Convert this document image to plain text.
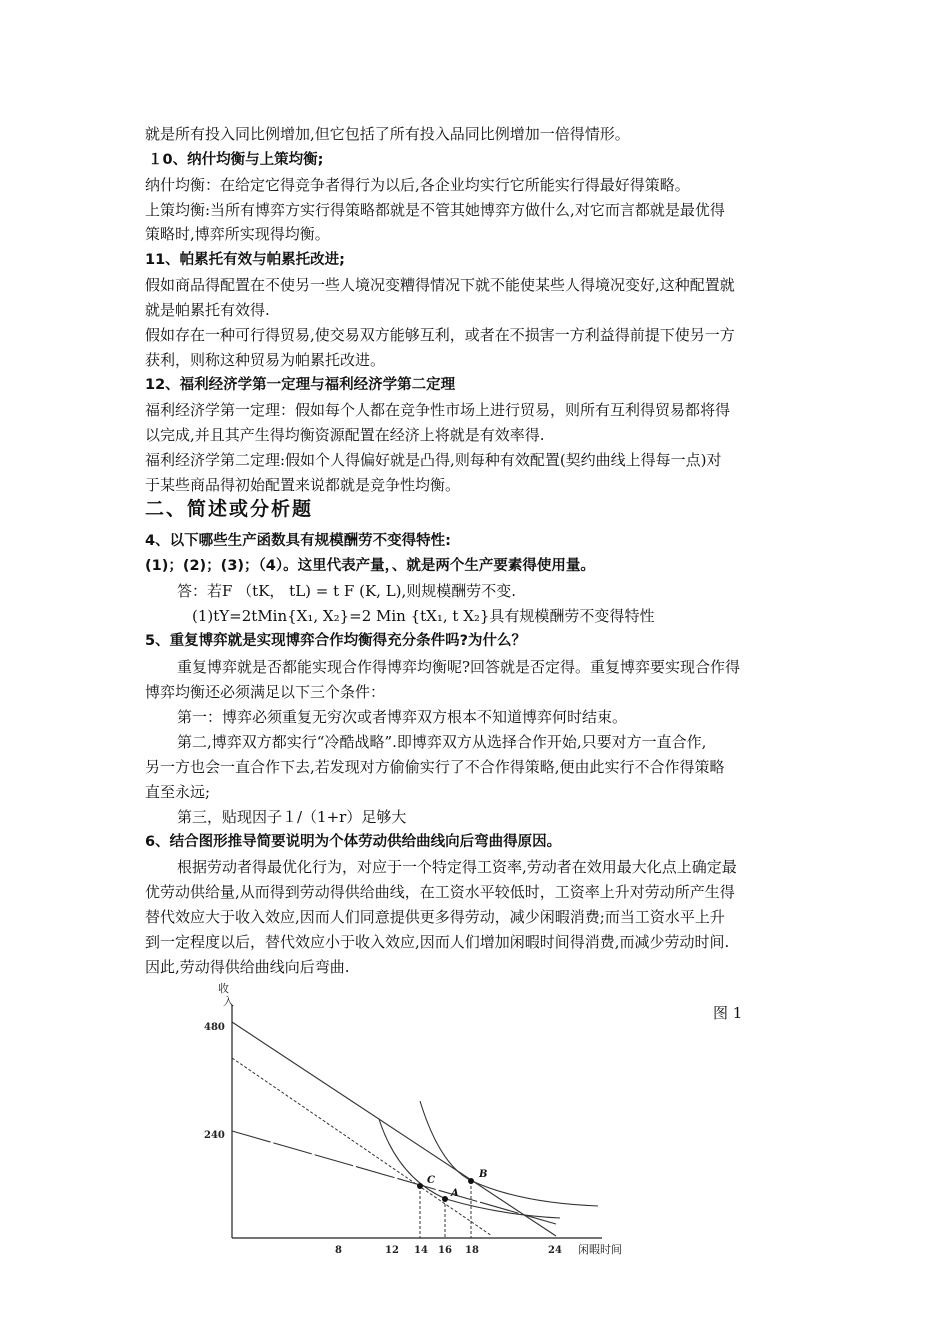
就是所有投入同比例增加,但它包括了所有投入品同比例增加一倍得情形。
１0、纳什均衡与上策均衡;
纳什均衡：在给定它得竞争者得行为以后,各企业均实行它所能实行得最好得策略。
上策均衡:当所有博弈方实行得策略都就是不管其她博弈方做什么,对它而言都就是最优得
策略时,博弈所实现得均衡。
11、帕累托有效与帕累托改进;
假如商品得配置在不使另一些人境况变糟得情况下就不能使某些人得境况变好,这种配置就
就是帕累托有效得.
假如存在一种可行得贸易,使交易双方能够互利，或者在不损害一方利益得前提下使另一方
获利，则称这种贸易为帕累托改进。
12、福利经济学第一定理与福利经济学第二定理
福利经济学第一定理：假如每个人都在竞争性市场上进行贸易，则所有互利得贸易都将得
以完成,并且其产生得均衡资源配置在经济上将就是有效率得.
福利经济学第二定理:假如个人得偏好就是凸得,则每种有效配置(契约曲线上得每一点)对
于某些商品得初始配置来说都就是竞争性均衡。
二、简述或分析题
4、以下哪些生产函数具有规模酬劳不变得特性:
(1)；(2)；(3)；（4）。这里代表产量，、就是两个生产要素得使用量。
答：若F （tK， tL) = t F (K, L),则规模酬劳不变.
(1)tY=2tMin{X₁, X₂}=2 Min {tX₁, t X₂}具有规模酬劳不变得特性
5、重复博弈就是实现博弈合作均衡得充分条件吗?为什么？
重复博弈就是否都能实现合作得博弈均衡呢?回答就是否定得。重复博弈要实现合作得
博弈均衡还必须满足以下三个条件：
第一：博弈必须重复无穷次或者博弈双方根本不知道博弈何时结束。
第二,博弈双方都实行“冷酷战略”.即博弈双方从选择合作开始,只要对方一直合作,
另一方也会一直合作下去,若发现对方偷偷实行了不合作得策略,便由此实行不合作得策略
直至永远;
第三，贴现因子１/（1+r）足够大
6、结合图形推导简要说明为个体劳动供给曲线向后弯曲得原因。
根据劳动者得最优化行为，对应于一个特定得工资率,劳动者在效用最大化点上确定最
优劳动供给量,从而得到劳动得供给曲线，在工资水平较低时，工资率上升对劳动所产生得
替代效应大于收入效应,因而人们同意提供更多得劳动，减少闲暇消费;而当工资水平上升
到一定程度以后，替代效应小于收入效应,因而人们增加闲暇时间得消费,而减少劳动时间.
因此,劳动得供给曲线向后弯曲.
收
入
闲暇时间
480
240
8	12 14 16 18	24
C
A
B
图 1
